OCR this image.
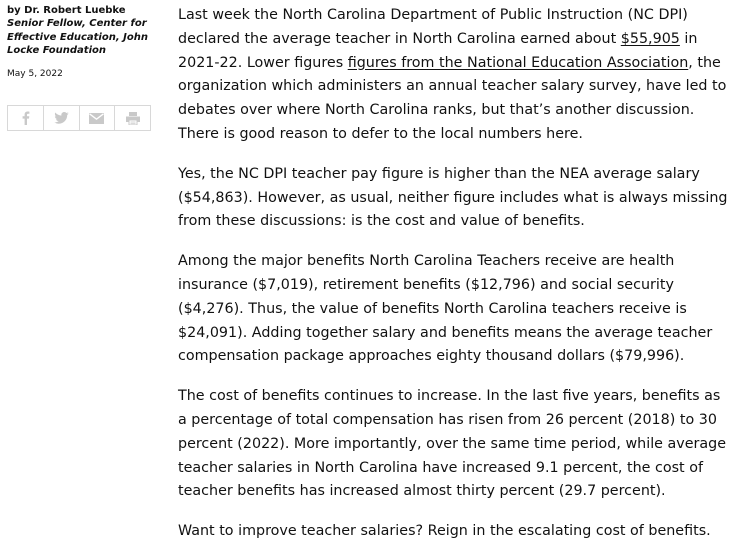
by Dr. Robert Luebke

Senior Fellow, Center for Effective Education, John Locke Foundation

May 5, 2022

Last week the North Carolina Department of Public Instruction (NC DPI) declared the average teacher in North Carolina earned about $55,905 in 2021-22. Lower figures figures from the National Education Association, the organization which administers an annual teacher salary survey, have led to debates over where North Carolina ranks, but that’s another discussion. There is good reason to defer to the local numbers here.

Yes, the NC DPI teacher pay figure is higher than the NEA average salary ($54,863). However, as usual, neither figure includes what is always missing from these discussions: is the cost and value of benefits.

Among the major benefits North Carolina Teachers receive are health insurance ($7,019), retirement benefits ($12,796) and social security ($4,276). Thus, the value of benefits North Carolina teachers receive is $24,091). Adding together salary and benefits means the average teacher compensation package approaches eighty thousand dollars ($79,996).

The cost of benefits continues to increase. In the last five years, benefits as a percentage of total compensation has risen from 26 percent (2018) to 30 percent (2022). More importantly, over the same time period, while average teacher salaries in North Carolina have increased 9.1 percent, the cost of teacher benefits has increased almost thirty percent (29.7 percent).

Want to improve teacher salaries? Reign in the escalating cost of benefits.
